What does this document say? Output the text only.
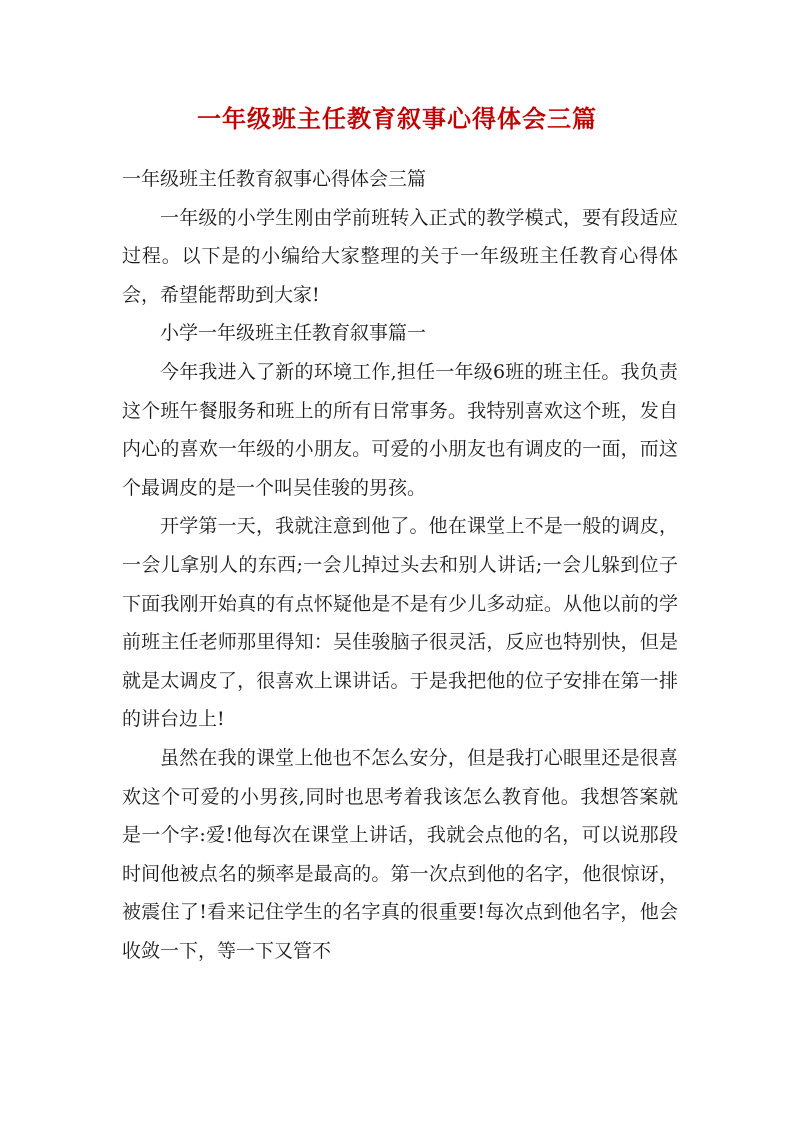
一年级班主任教育叙事心得体会三篇

一年级班主任教育叙事心得体会三篇

一年级的小学生刚由学前班转入正式的教学模式，要有段适应过程。以下是的小编给大家整理的关于一年级班主任教育心得体会，希望能帮助到大家!

小学一年级班主任教育叙事篇一

今年我进入了新的环境工作,担任一年级6班的班主任。我负责这个班午餐服务和班上的所有日常事务。我特别喜欢这个班，发自内心的喜欢一年级的小朋友。可爱的小朋友也有调皮的一面，而这个最调皮的是一个叫吴佳骏的男孩。

开学第一天，我就注意到他了。他在课堂上不是一般的调皮，一会儿拿别人的东西;一会儿掉过头去和别人讲话;一会儿躲到位子下面我刚开始真的有点怀疑他是不是有少儿多动症。从他以前的学前班主任老师那里得知：吴佳骏脑子很灵活，反应也特别快，但是就是太调皮了，很喜欢上课讲话。于是我把他的位子安排在第一排的讲台边上!

虽然在我的课堂上他也不怎么安分，但是我打心眼里还是很喜欢这个可爱的小男孩,同时也思考着我该怎么教育他。我想答案就是一个字:爱!他每次在课堂上讲话，我就会点他的名，可以说那段时间他被点名的频率是最高的。第一次点到他的名字，他很惊讶，被震住了!看来记住学生的名字真的很重要!每次点到他名字，他会收敛一下，等一下又管不
